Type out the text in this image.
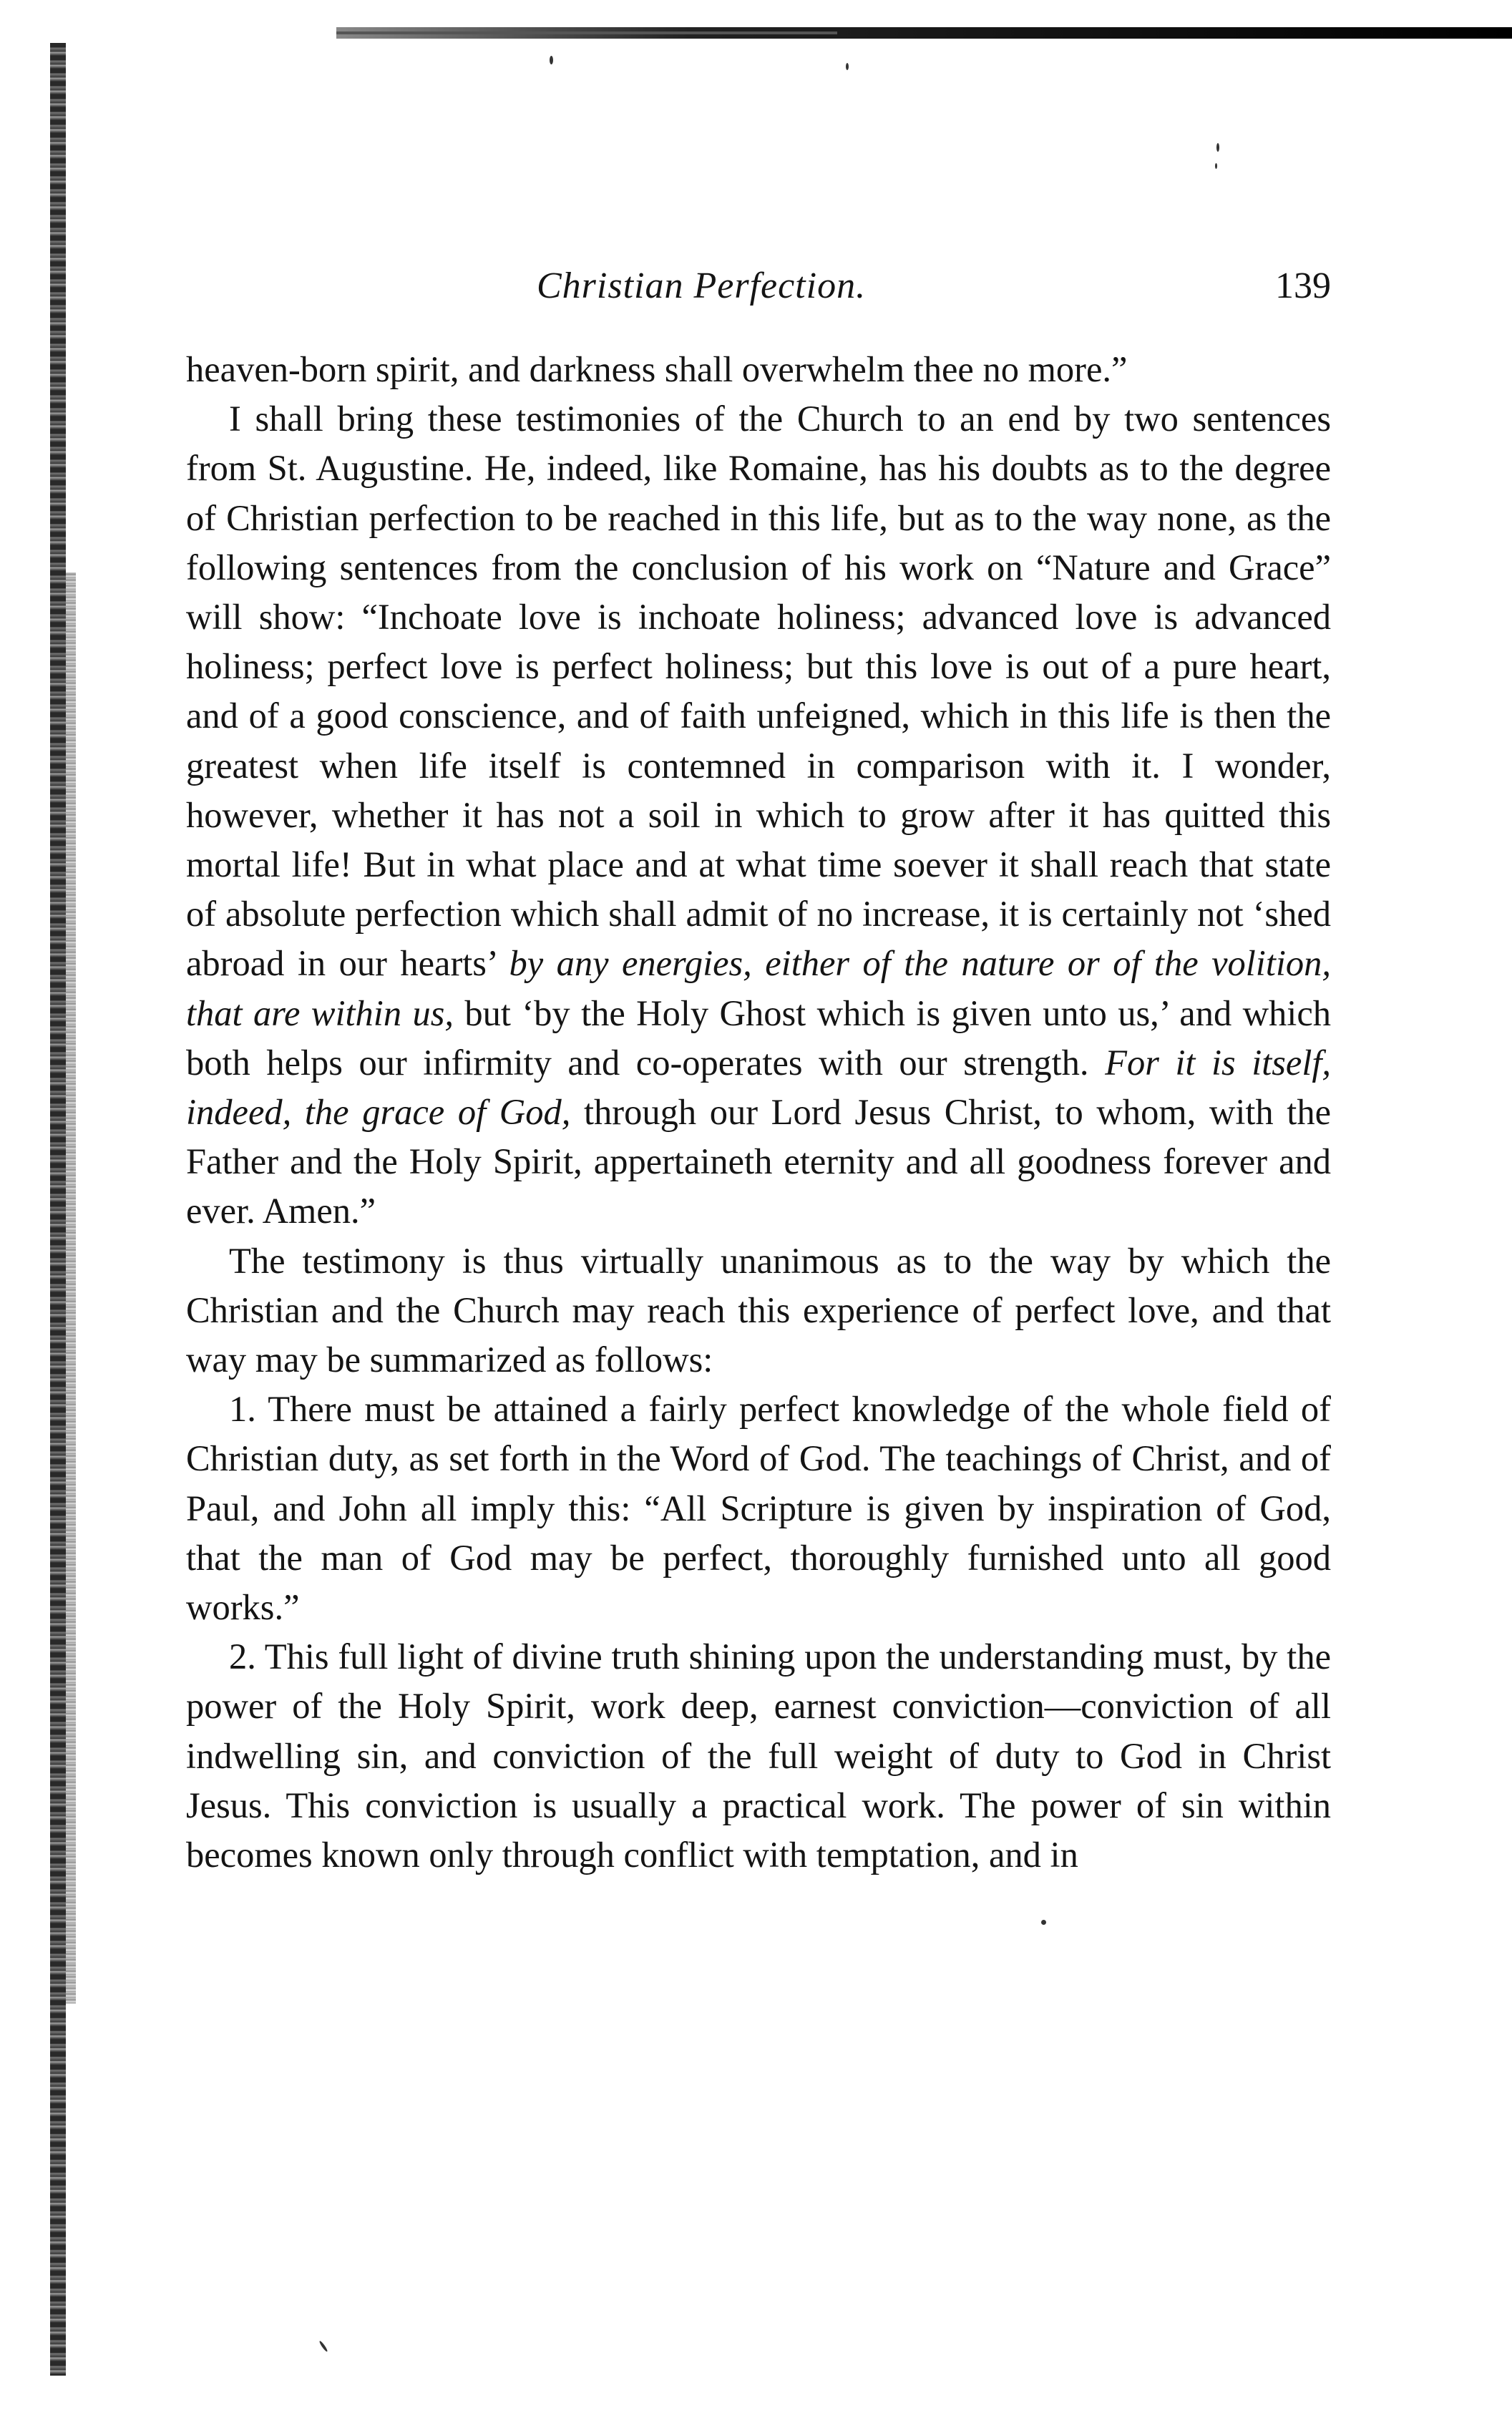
Christian Perfection.	139

heaven-born spirit, and darkness shall overwhelm thee no more.”

I shall bring these testimonies of the Church to an end by two sentences from St. Augustine. He, indeed, like Romaine, has his doubts as to the degree of Christian perfection to be reached in this life, but as to the way none, as the following sentences from the conclusion of his work on “Nature and Grace” will show: “Inchoate love is inchoate holiness; advanced love is advanced holiness; perfect love is perfect holiness; but this love is out of a pure heart, and of a good conscience, and of faith unfeigned, which in this life is then the greatest when life itself is contemned in comparison with it. I wonder, however, whether it has not a soil in which to grow after it has quitted this mortal life! But in what place and at what time soever it shall reach that state of absolute perfection which shall admit of no increase, it is certainly not ‘shed abroad in our hearts’ by any energies, either of the nature or of the volition, that are within us, but ‘by the Holy Ghost which is given unto us,’ and which both helps our infirmity and co-operates with our strength. For it is itself, indeed, the grace of God, through our Lord Jesus Christ, to whom, with the Father and the Holy Spirit, appertaineth eternity and all goodness forever and ever. Amen.”

The testimony is thus virtually unanimous as to the way by which the Christian and the Church may reach this experience of perfect love, and that way may be summarized as follows:

1. There must be attained a fairly perfect knowledge of the whole field of Christian duty, as set forth in the Word of God. The teachings of Christ, and of Paul, and John all imply this: “All Scripture is given by inspiration of God, that the man of God may be perfect, thoroughly furnished unto all good works.”

2. This full light of divine truth shining upon the understanding must, by the power of the Holy Spirit, work deep, earnest conviction—conviction of all indwelling sin, and conviction of the full weight of duty to God in Christ Jesus. This conviction is usually a practical work. The power of sin within becomes known only through conflict with temptation, and in
